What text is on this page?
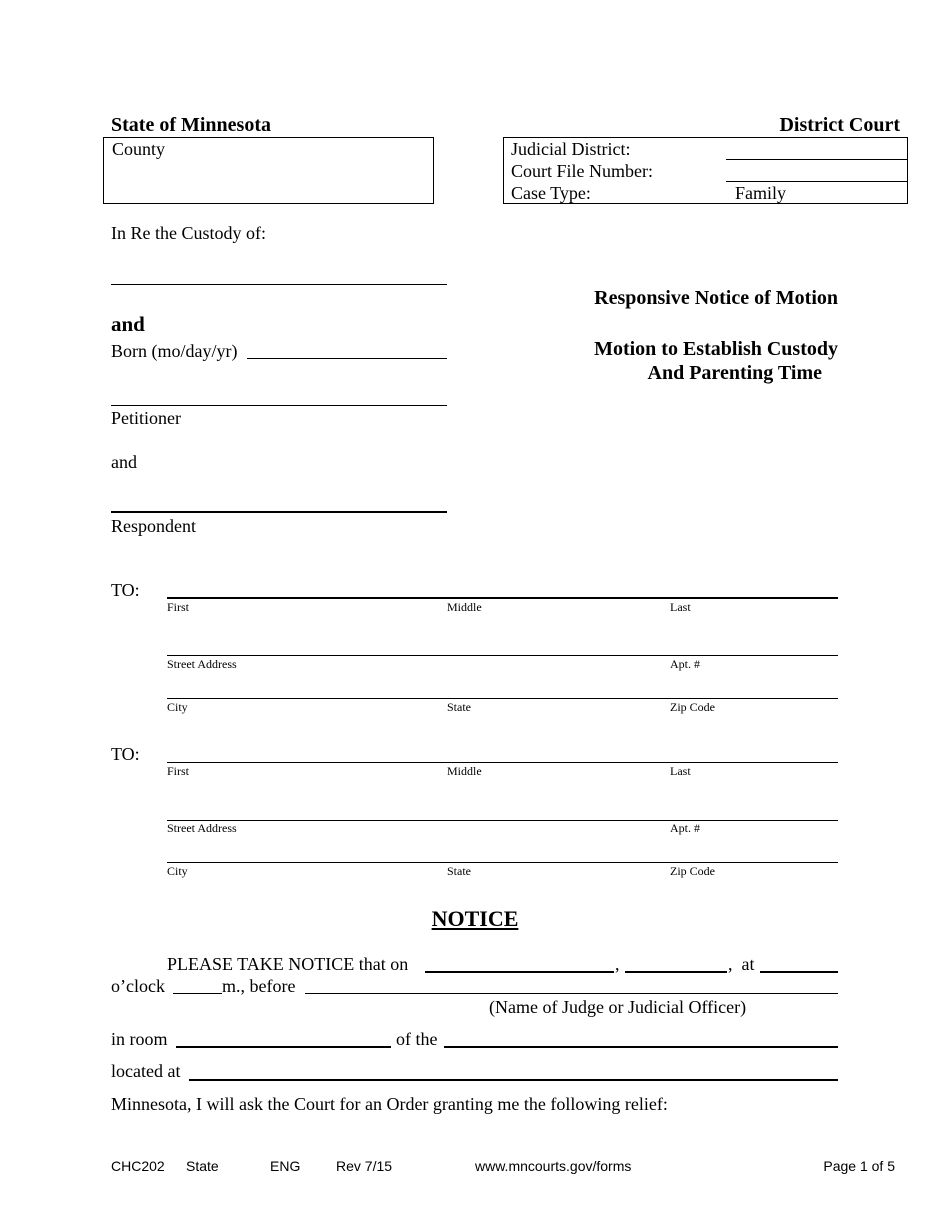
State of Minnesota	District Court
County	Judicial District:
Court File Number:
Case Type:	Family
In Re the Custody of:
and
Born (mo/day/yr)
Petitioner
and
Respondent
Responsive Notice of Motion
Motion to Establish Custody
And Parenting Time
TO:
First	Middle	Last
Street Address	Apt. #
City	State	Zip Code
TO:
First	Middle	Last
Street Address	Apt. #
City	State	Zip Code
NOTICE
PLEASE TAKE NOTICE that on	,	,  at
o’clock	m., before
(Name of Judge or Judicial Officer)
in room	of the
located at
Minnesota, I will ask the Court for an Order granting me the following relief:
CHC202 State	ENG	Rev 7/15	www.mncourts.gov/forms	Page 1 of 5
